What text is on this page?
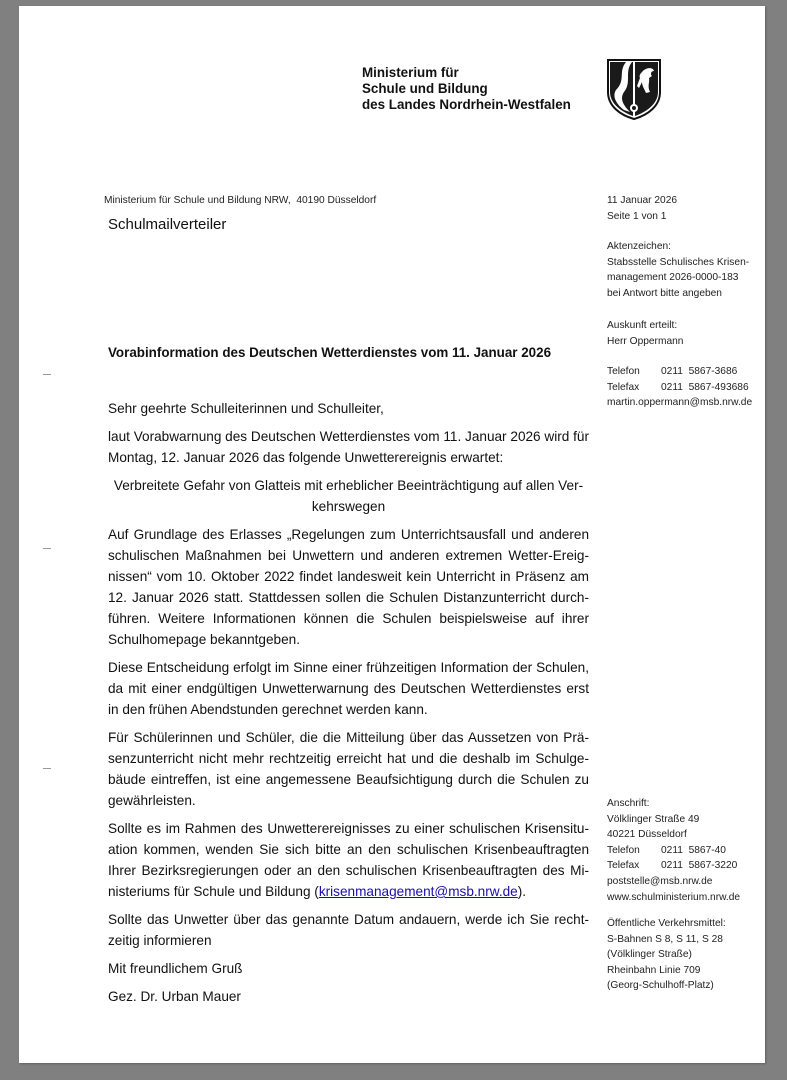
Ministerium für
Schule und Bildung
des Landes Nordrhein-Westfalen
Ministerium für Schule und Bildung NRW,  40190 Düsseldorf
Schulmailverteiler
11 Januar 2026
Seite 1 von 1
Aktenzeichen:
Stabsstelle Schulisches Krisen-
management 2026-0000-183
bei Antwort bitte angeben
Auskunft erteilt:
Herr Oppermann
Telefon 0211  5867-3686
Telefax 0211  5867-493686
martin.oppermann@msb.nrw.de
Anschrift:
Völklinger Straße 49
40221 Düsseldorf
Telefon 0211  5867-40
Telefax 0211  5867-3220
poststelle@msb.nrw.de
www.schulministerium.nrw.de
Öffentliche Verkehrsmittel:
S-Bahnen S 8, S 11, S 28
(Völklinger Straße)
Rheinbahn Linie 709
(Georg-Schulhoff-Platz)
Vorabinformation des Deutschen Wetterdienstes vom 11. Januar 2026

Sehr geehrte Schulleiterinnen und Schulleiter,

laut Vorabwarnung des Deutschen Wetterdienstes vom 11. Januar 2026 wird für Montag, 12. Januar 2026 das folgende Unwetterereignis erwartet:

Verbreitete Gefahr von Glatteis mit erheblicher Beeinträchtigung auf allen Verkehrswegen

Auf Grundlage des Erlasses „Regelungen zum Unterrichtsausfall und anderen schulischen Maßnahmen bei Unwettern und anderen extremen Wetter-Ereignissen“ vom 10. Oktober 2022 findet landesweit kein Unterricht in Präsenz am 12. Januar 2026 statt. Stattdessen sollen die Schulen Distanzunterricht durchführen. Weitere Informationen können die Schulen beispielsweise auf ihrer Schulhomepage bekanntgeben.

Diese Entscheidung erfolgt im Sinne einer frühzeitigen Information der Schulen, da mit einer endgültigen Unwetterwarnung des Deutschen Wetterdienstes erst in den frühen Abendstunden gerechnet werden kann.

Für Schülerinnen und Schüler, die die Mitteilung über das Aussetzen von Präsenzunterricht nicht mehr rechtzeitig erreicht hat und die deshalb im Schulgebäude eintreffen, ist eine angemessene Beaufsichtigung durch die Schulen zu gewährleisten.

Sollte es im Rahmen des Unwetterereignisses zu einer schulischen Krisensituation kommen, wenden Sie sich bitte an den schulischen Krisenbeauftragten Ihrer Bezirksregierungen oder an den schulischen Krisenbeauftragten des Ministeriums für Schule und Bildung (krisenmanagement@msb.nrw.de).

Sollte das Unwetter über das genannte Datum andauern, werde ich Sie rechtzeitig informieren

Mit freundlichem Gruß

Gez. Dr. Urban Mauer
